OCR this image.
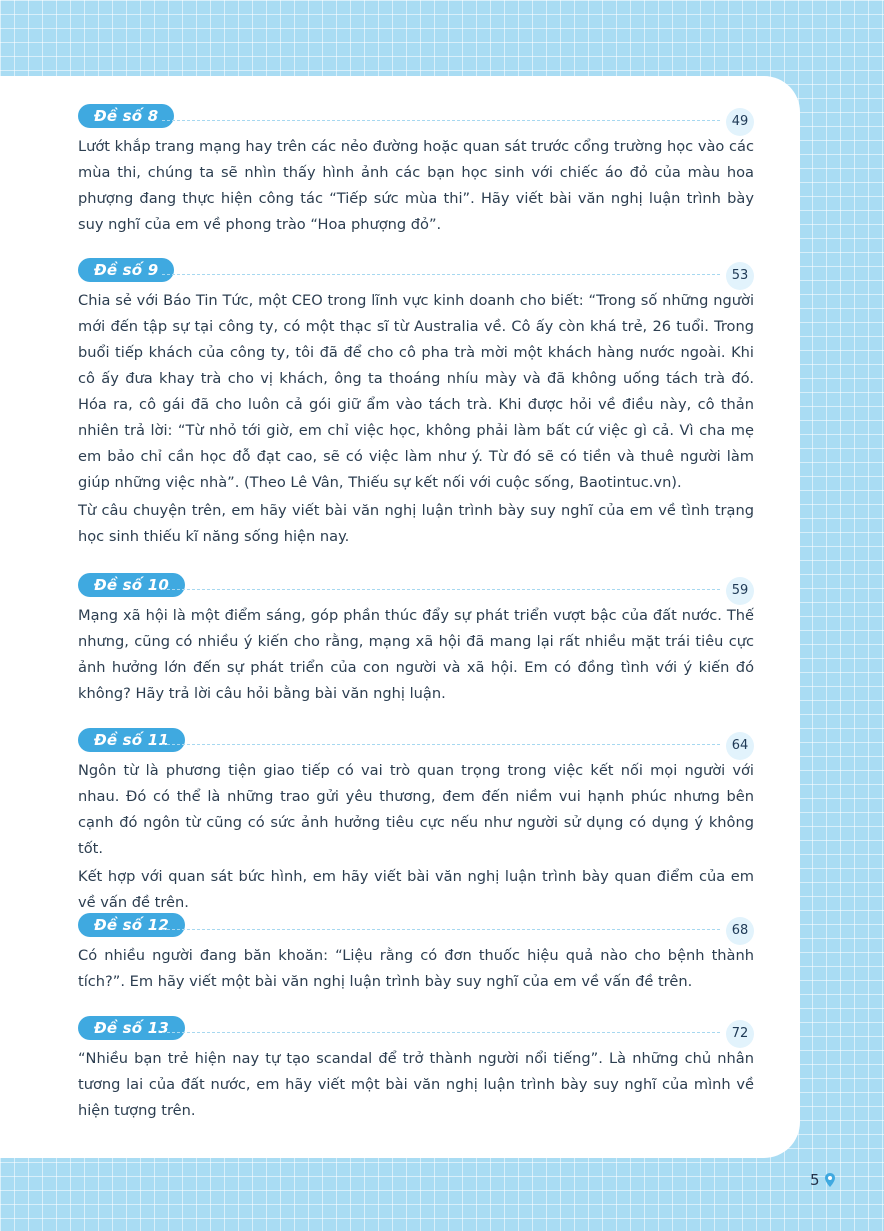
Đề số 8	49

Lướt khắp trang mạng hay trên các nẻo đường hoặc quan sát trước cổng trường học vào các mùa thi, chúng ta sẽ nhìn thấy hình ảnh các bạn học sinh với chiếc áo đỏ của màu hoa phượng đang thực hiện công tác “Tiếp sức mùa thi”. Hãy viết bài văn nghị luận trình bày suy nghĩ của em về phong trào “Hoa phượng đỏ”.

Đề số 9	53

Chia sẻ với Báo Tin Tức, một CEO trong lĩnh vực kinh doanh cho biết: “Trong số những người mới đến tập sự tại công ty, có một thạc sĩ từ Australia về. Cô ấy còn khá trẻ, 26 tuổi. Trong buổi tiếp khách của công ty, tôi đã để cho cô pha trà mời một khách hàng nước ngoài. Khi cô ấy đưa khay trà cho vị khách, ông ta thoáng nhíu mày và đã không uống tách trà đó. Hóa ra, cô gái đã cho luôn cả gói giữ ẩm vào tách trà. Khi được hỏi về điều này, cô thản nhiên trả lời: “Từ nhỏ tới giờ, em chỉ việc học, không phải làm bất cứ việc gì cả. Vì cha mẹ em bảo chỉ cần học đỗ đạt cao, sẽ có việc làm như ý. Từ đó sẽ có tiền và thuê người làm giúp những việc nhà”. (Theo Lê Vân, Thiếu sự kết nối với cuộc sống, Baotintuc.vn).

Từ câu chuyện trên, em hãy viết bài văn nghị luận trình bày suy nghĩ của em về tình trạng học sinh thiếu kĩ năng sống hiện nay.

Đề số 10	59

Mạng xã hội là một điểm sáng, góp phần thúc đẩy sự phát triển vượt bậc của đất nước. Thế nhưng, cũng có nhiều ý kiến cho rằng, mạng xã hội đã mang lại rất nhiều mặt trái tiêu cực ảnh hưởng lớn đến sự phát triển của con người và xã hội. Em có đồng tình với ý kiến đó không? Hãy trả lời câu hỏi bằng bài văn nghị luận.

Đề số 11	64

Ngôn từ là phương tiện giao tiếp có vai trò quan trọng trong việc kết nối mọi người với nhau. Đó có thể là những trao gửi yêu thương, đem đến niềm vui hạnh phúc nhưng bên cạnh đó ngôn từ cũng có sức ảnh hưởng tiêu cực nếu như người sử dụng có dụng ý không tốt.

Kết hợp với quan sát bức hình, em hãy viết bài văn nghị luận trình bày quan điểm của em về vấn đề trên.

Đề số 12	68

Có nhiều người đang băn khoăn: “Liệu rằng có đơn thuốc hiệu quả nào cho bệnh thành tích?”. Em hãy viết một bài văn nghị luận trình bày suy nghĩ của em về vấn đề trên.

Đề số 13	72

“Nhiều bạn trẻ hiện nay tự tạo scandal để trở thành người nổi tiếng”. Là những chủ nhân tương lai của đất nước, em hãy viết một bài văn nghị luận trình bày suy nghĩ của mình về hiện tượng trên.

5
